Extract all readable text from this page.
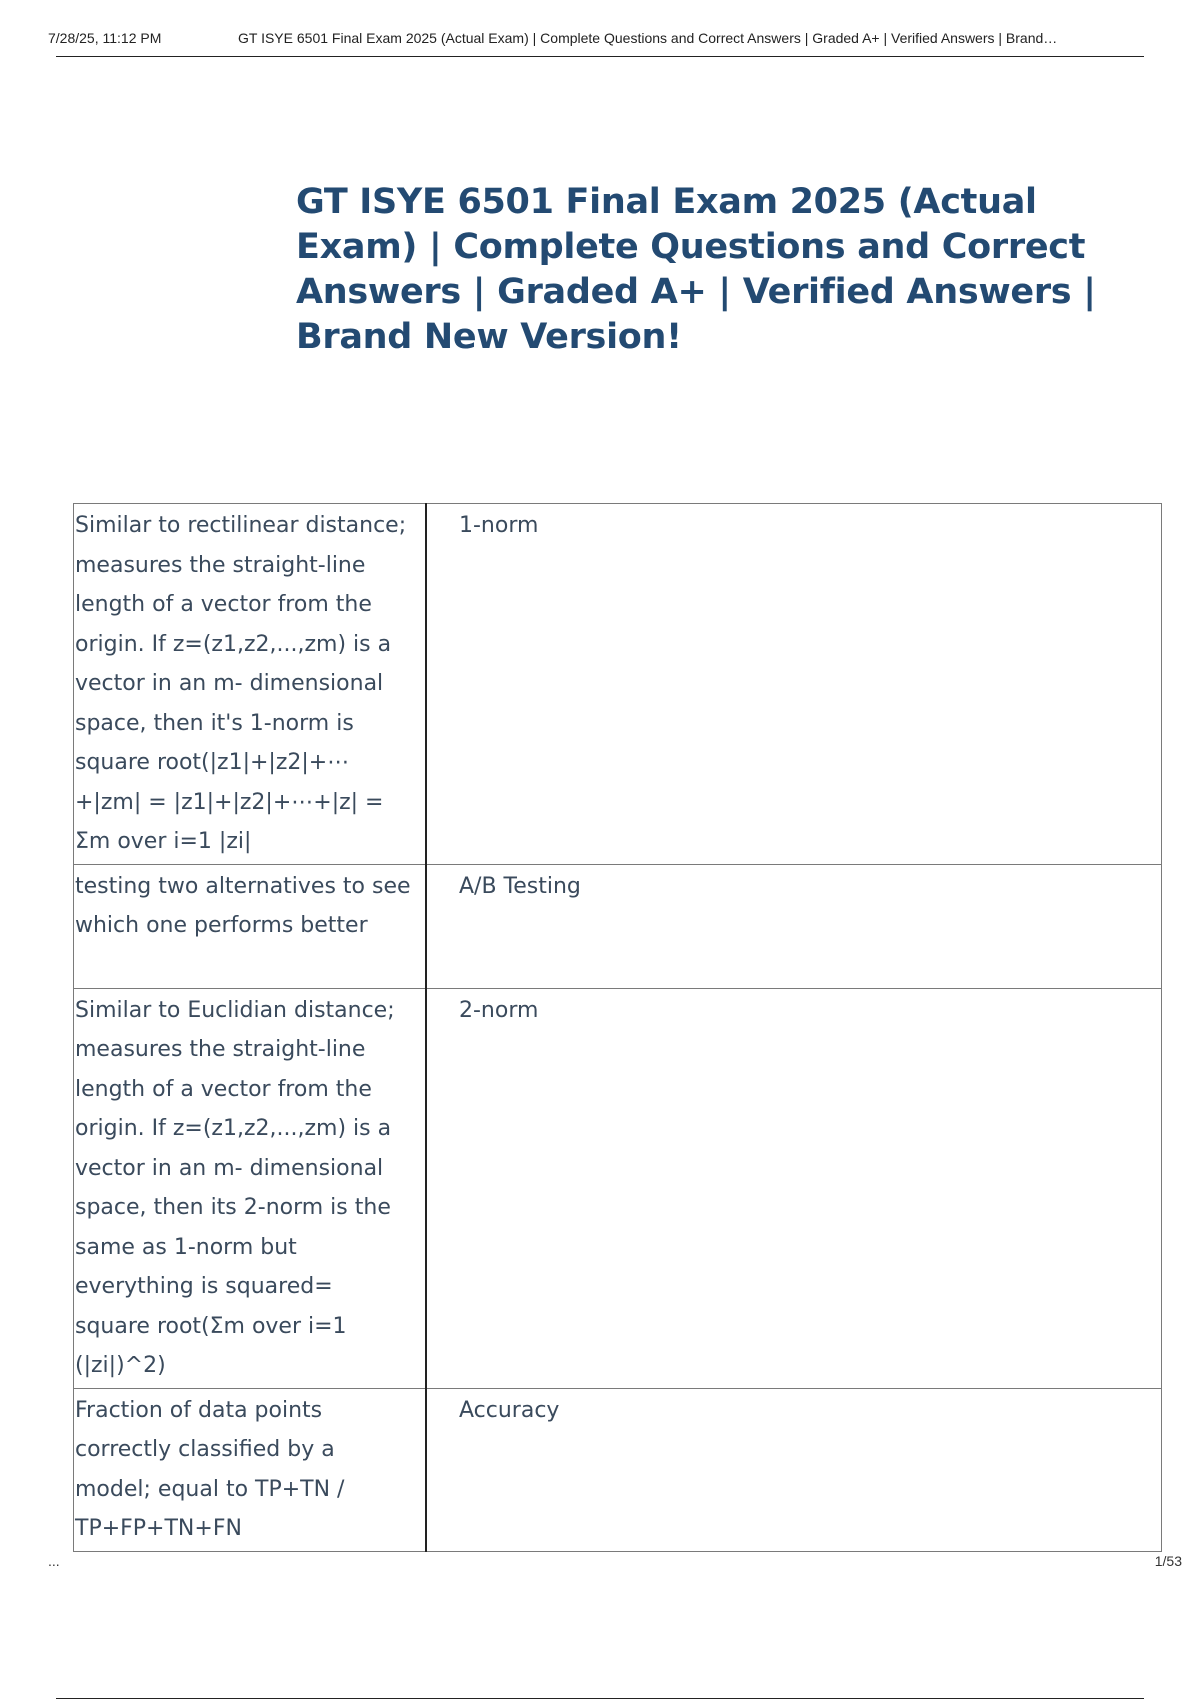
7/28/25, 11:12 PM	GT ISYE 6501 Final Exam 2025 (Actual Exam) | Complete Questions and Correct Answers | Graded A+ | Verified Answers | Brand…
GT ISYE 6501 Final Exam 2025 (Actual Exam) | Complete Questions and Correct Answers | Graded A+ | Verified Answers | Brand New Version!
Similar to rectilinear distance; measures the straight-line length of a vector from the origin. If z=(z1,z2,...,zm) is a vector in an m- dimensional space, then it's 1-norm is square root(|z1|+|z2|+⋯+|zm| = |z1|+|z2|+⋯+|z| = Σm over i=1 |zi|	1-norm
testing two alternatives to see which one performs better	A/B Testing
Similar to Euclidian distance; measures the straight-line length of a vector from the origin. If z=(z1,z2,...,zm) is a vector in an m- dimensional space, then its 2-norm is the same as 1-norm but everything is squared= square root(Σm over i=1 (|zi|)^2)	2-norm
Fraction of data points correctly classified by a model; equal to TP+TN / TP+FP+TN+FN	Accuracy
...	1/53
